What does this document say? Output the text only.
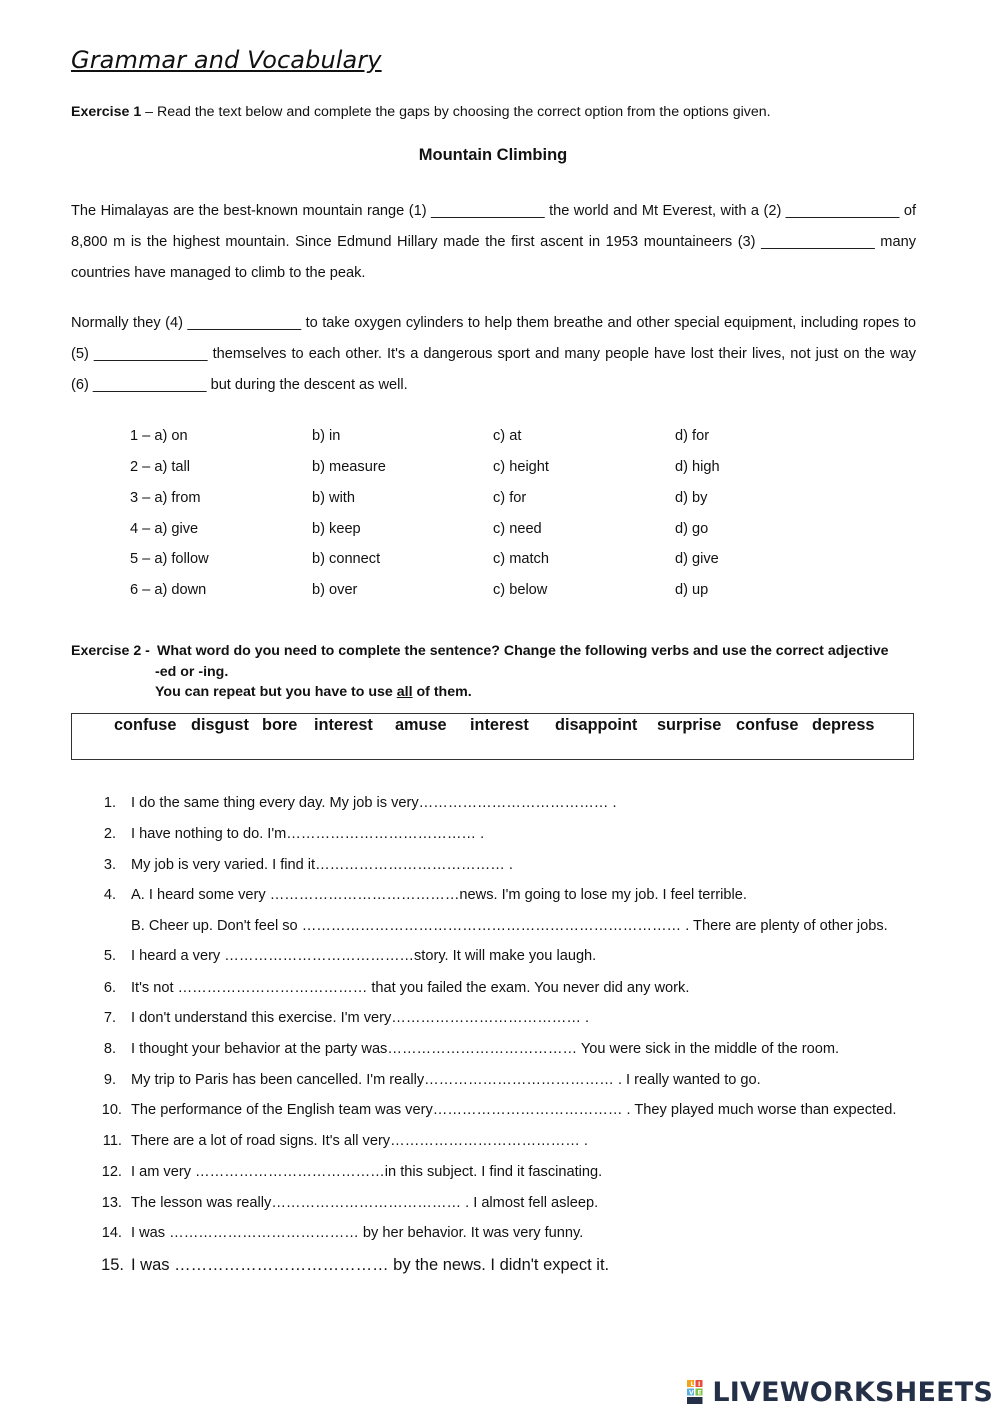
Grammar and Vocabulary
Exercise 1 – Read the text below and complete the gaps by choosing the correct option from the options given.
Mountain Climbing

The Himalayas are the best-known mountain range (1) ______________ the world and Mt Everest, with a (2) ______________ of 8,800 m is the highest mountain. Since Edmund Hillary made the first ascent in 1953 mountaineers (3) ______________ many countries have managed to climb to the peak.

Normally they (4) ______________ to take oxygen cylinders to help them breathe and other special equipment, including ropes to (5) ______________ themselves to each other. It's a dangerous sport and many people have lost their lives, not just on the way (6) ______________ but during the descent as well.

1 – a) on	b) in	c) at	d) for
2 – a) tall	b) measure	c) height	d) high
3 – a) from	b) with	c) for	d) by
4 – a) give	b) keep	c) need	d) go
5 – a) follow	b) connect	c) match	d) give
6 – a) down	b) over	c) below	d) up
Exercise 2 - What word do you need to complete the sentence? Change the following verbs and use the correct adjective
-ed or -ing.
You can repeat but you have to use all of them.
confuse disgust bore interest amuse interest disappoint surprise confuse depress
1. I do the same thing every day. My job is very………………………………… .
2. I have nothing to do. I'm………………………………… .
3. My job is very varied. I find it………………………………… .
4. A. I heard some very …………………………………news. I'm going to lose my job. I feel terrible.
B. Cheer up. Don't feel so …………………………………………………………………… . There are plenty of other jobs.
5. I heard a very …………………………………story. It will make you laugh.
6. It's not ………………………………… that you failed the exam. You never did any work.
7. I don't understand this exercise. I'm very………………………………… .
8. I thought your behavior at the party was………………………………… You were sick in the middle of the room.
9. My trip to Paris has been cancelled. I'm really………………………………… . I really wanted to go.
10. The performance of the English team was very………………………………… . They played much worse than expected.
11. There are a lot of road signs. It's all very………………………………… .
12. I am very …………………………………in this subject. I find it fascinating.
13. The lesson was really………………………………… . I almost fell asleep.
14. I was ………………………………… by her behavior. It was very funny.
15. I was ………………………………… by the news. I didn't expect it.
L I
V E LIVEWORKSHEETS
